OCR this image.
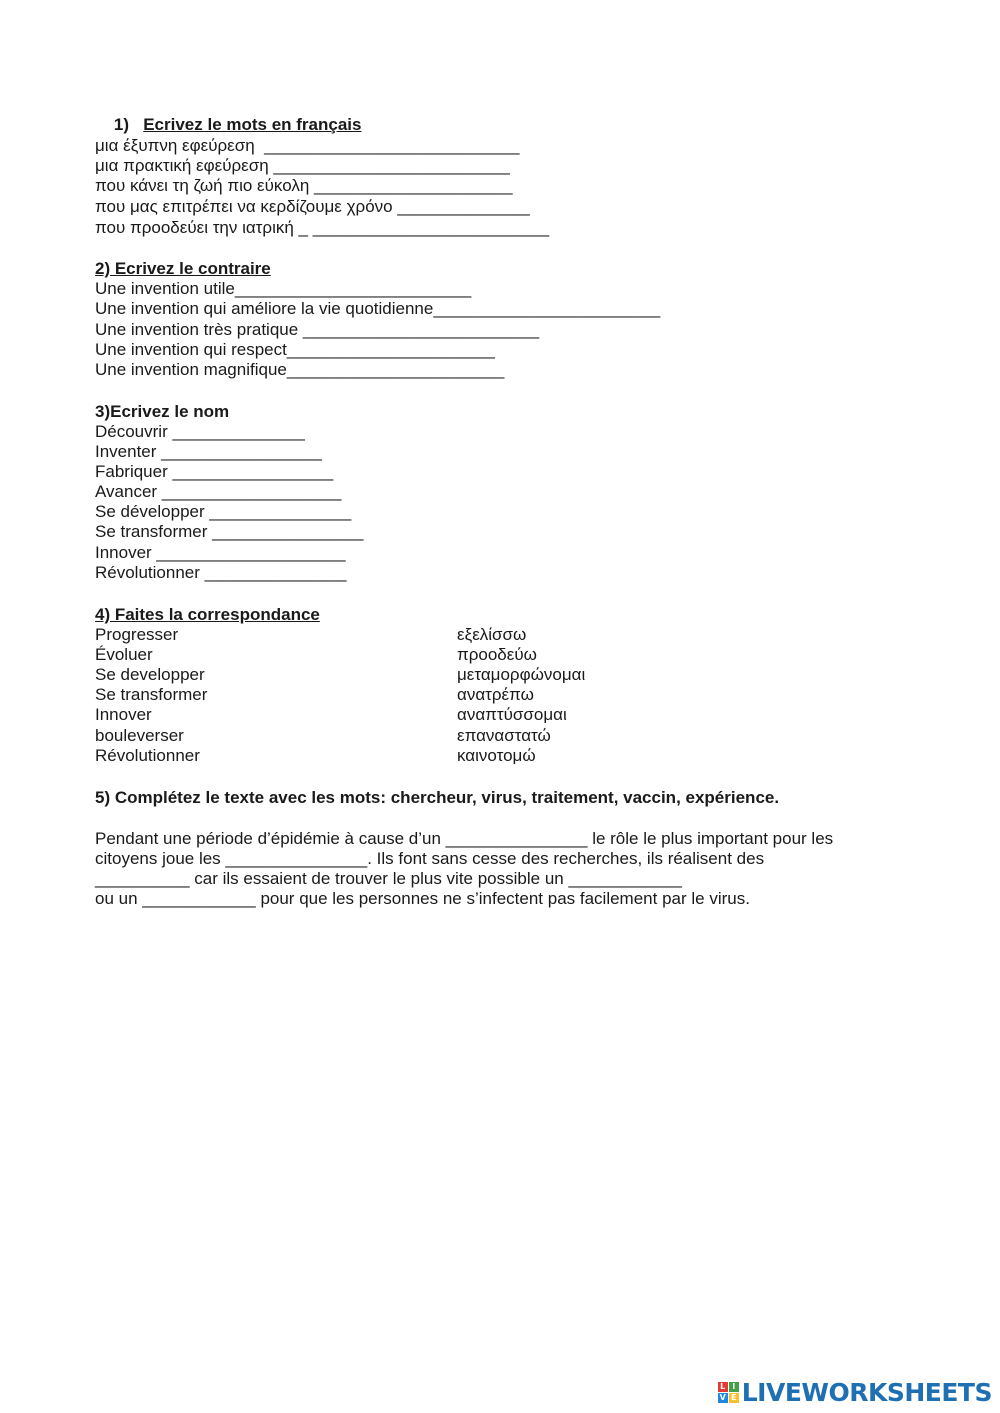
1) Ecrivez le mots en français

μια έξυπνη εφεύρεση  ___________________________
μια πρακτική εφεύρεση _________________________
που κάνει τη ζωή πιο εύκολη _____________________
που μας επιτρέπει να κερδίζουμε χρόνο ______________
που προοδεύει την ιατρική _ _________________________
2) Ecrivez le contraire
Une invention utile_________________________
Une invention qui améliore la vie quotidienne________________________
Une invention très pratique _________________________
Une invention qui respect______________________
Une invention magnifique_______________________
3)Ecrivez le nom
Découvrir ______________
Inventer _________________
Fabriquer _________________
Avancer ___________________
Se développer _______________
Se transformer ________________
Innover ____________________
Révolutionner _______________
4) Faites la correspondance
Progresser
Évoluer
Se developper
Se transformer
Innover
bouleverser
Révolutionner
εξελίσσω
προοδεύω
μεταμορφώνομαι
ανατρέπω
αναπτύσσομαι
επαναστατώ
καινοτομώ
5) Complétez le texte avec les mots: chercheur, virus, traitement, vaccin, expérience.
Pendant une période d’épidémie à cause d’un _______________ le rôle le plus important pour les
citoyens joue les _______________. Ils font sans cesse des recherches, ils réalisent des
__________ car ils essaient de trouver le plus vite possible un ____________
ou un ____________ pour que les personnes ne s’infectent pas facilement par le virus.
L I
V E LIVEWORKSHEETS
